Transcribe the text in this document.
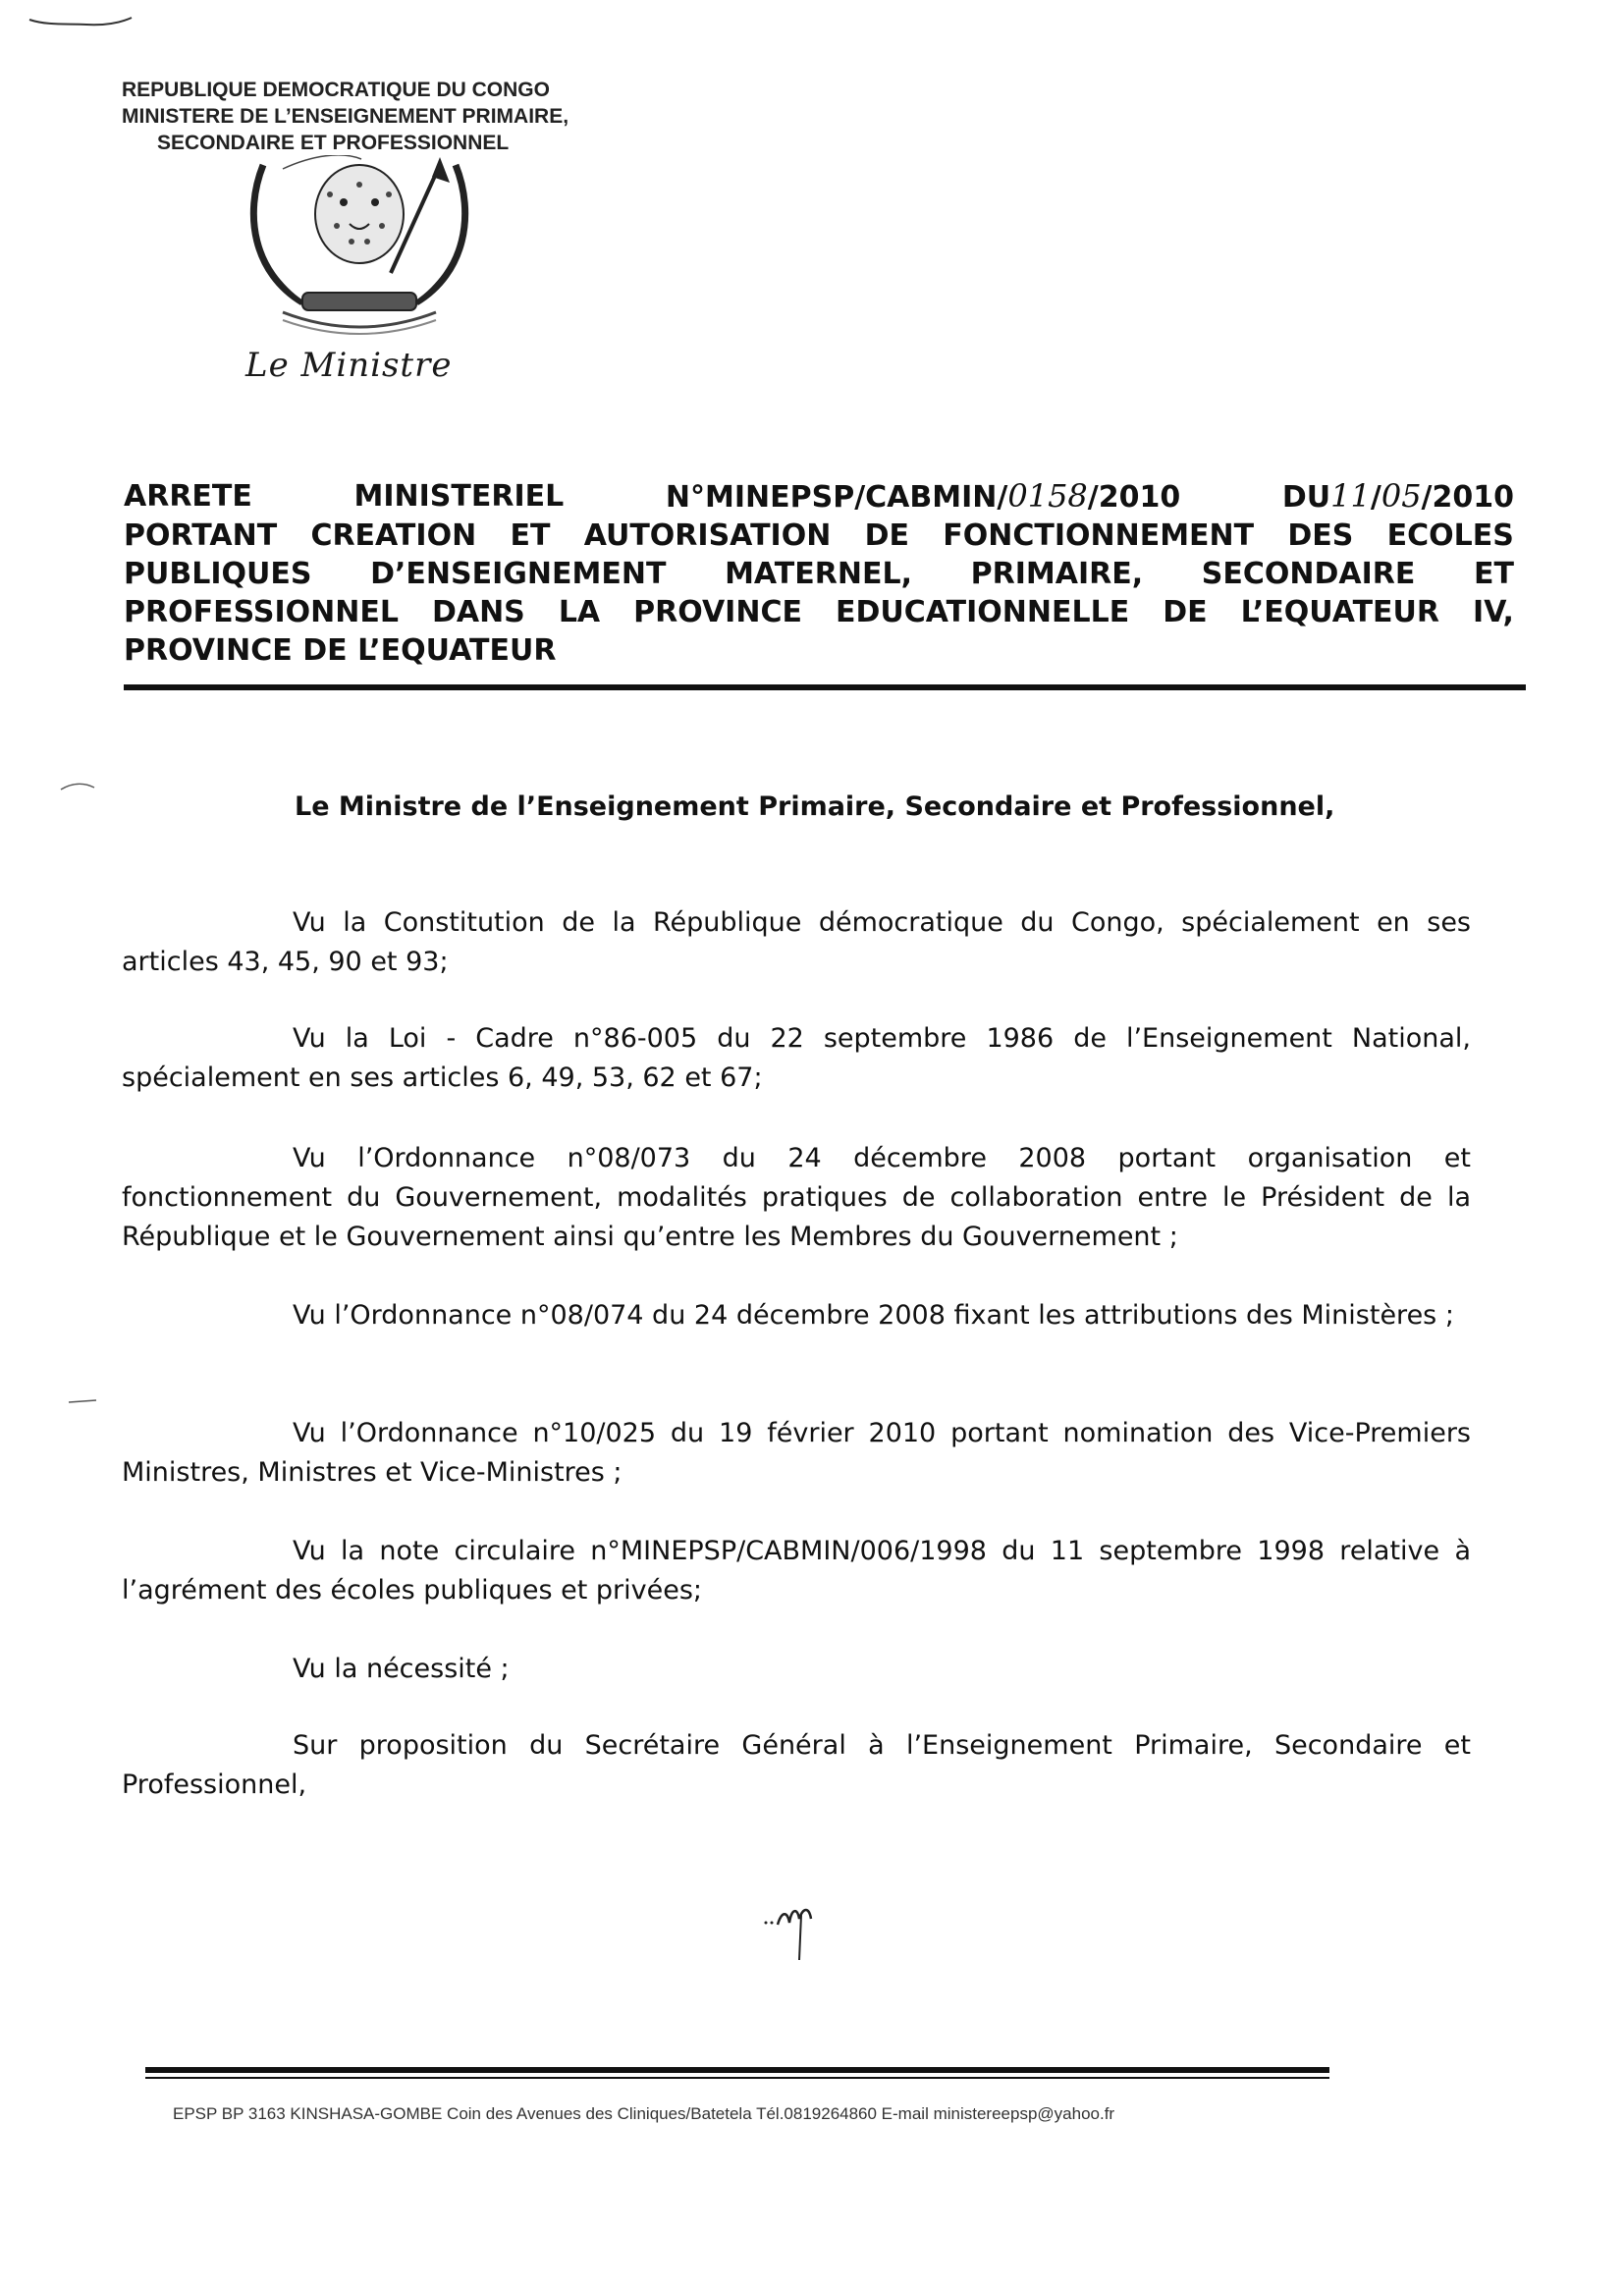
REPUBLIQUE DEMOCRATIQUE DU CONGO
MINISTERE DE L’ENSEIGNEMENT PRIMAIRE,
SECONDAIRE ET PROFESSIONNEL
Le Ministre
ARRETE	MINISTERIEL	N°MINEPSP/CABMIN/0158/2010	DU11/05/2010
PORTANT CREATION ET AUTORISATION DE FONCTIONNEMENT DES ECOLES
PUBLIQUES D’ENSEIGNEMENT MATERNEL, PRIMAIRE, SECONDAIRE ET
PROFESSIONNEL DANS LA PROVINCE EDUCATIONNELLE DE L’EQUATEUR IV,
PROVINCE DE L’EQUATEUR
Le Ministre de l’Enseignement Primaire, Secondaire et Professionnel,
Vu la Constitution de la République démocratique du Congo, spécialement en ses articles 43, 45, 90 et 93;
Vu la Loi - Cadre n°86-005 du 22 septembre 1986 de l’Enseignement National, spécialement en ses articles 6, 49, 53, 62 et 67;
Vu l’Ordonnance n°08/073 du 24 décembre 2008 portant organisation et fonctionnement du Gouvernement, modalités pratiques de collaboration entre le Président de la République et le Gouvernement ainsi qu’entre les Membres du Gouvernement ;
Vu l’Ordonnance n°08/074 du 24 décembre 2008 fixant les attributions des Ministères ;
Vu l’Ordonnance n°10/025 du 19 février 2010 portant nomination des Vice-Premiers Ministres, Ministres et Vice-Ministres ;
Vu la note circulaire n°MINEPSP/CABMIN/006/1998 du 11 septembre 1998 relative à l’agrément des écoles publiques et privées;
Vu la nécessité ;
Sur proposition du Secrétaire Général à l’Enseignement Primaire, Secondaire et Professionnel,
EPSP BP 3163 KINSHASA-GOMBE Coin des Avenues des Cliniques/Batetela Tél.0819264860 E-mail ministereepsp@yahoo.fr
